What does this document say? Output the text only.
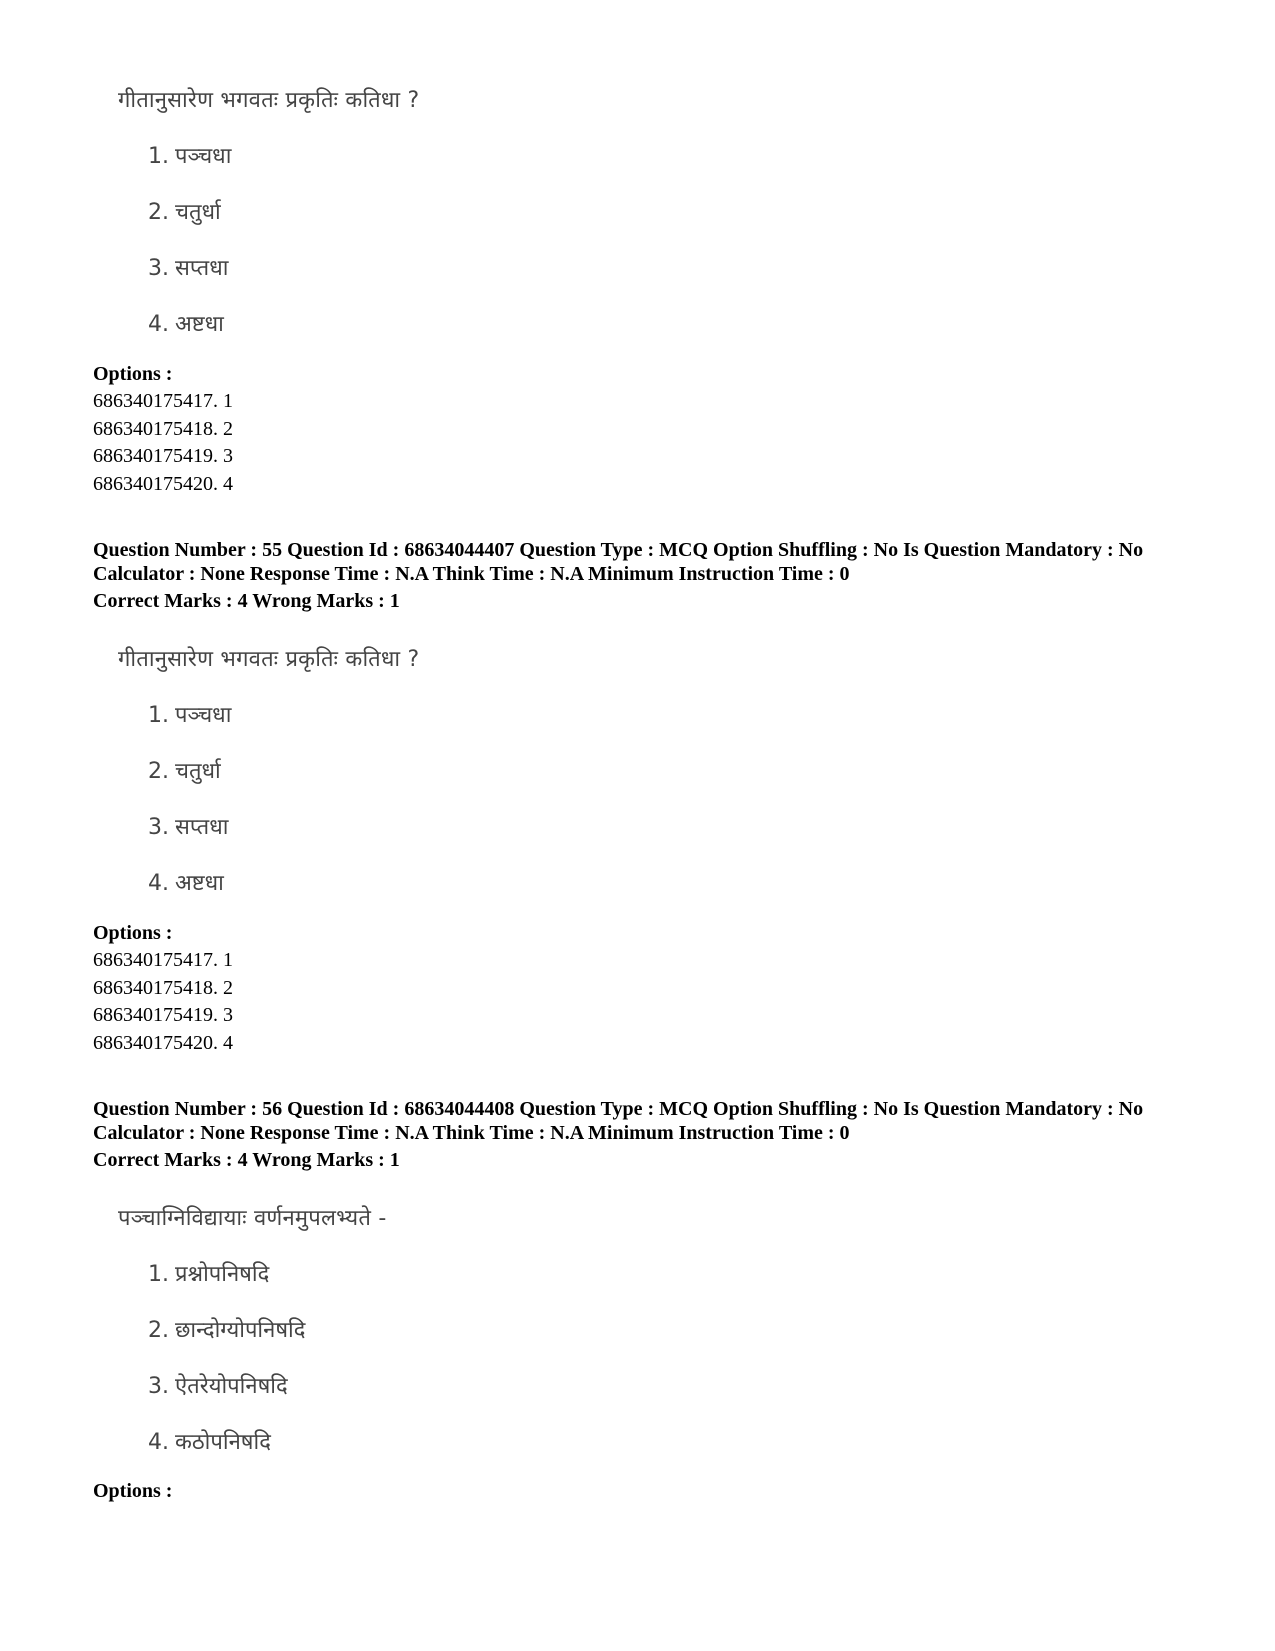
गीतानुसारेण भगवतः प्रकृतिः कतिधा ?
1. पञ्चधा
2. चतुर्धा
3. सप्तधा
4. अष्टधा
Options :
686340175417. 1
686340175418. 2
686340175419. 3
686340175420. 4
Question Number : 55 Question Id : 68634044407 Question Type : MCQ Option Shuffling : No Is Question Mandatory : No Calculator : None Response Time : N.A Think Time : N.A Minimum Instruction Time : 0
Correct Marks : 4 Wrong Marks : 1
गीतानुसारेण भगवतः प्रकृतिः कतिधा ?
1. पञ्चधा
2. चतुर्धा
3. सप्तधा
4. अष्टधा
Options :
686340175417. 1
686340175418. 2
686340175419. 3
686340175420. 4
Question Number : 56 Question Id : 68634044408 Question Type : MCQ Option Shuffling : No Is Question Mandatory : No Calculator : None Response Time : N.A Think Time : N.A Minimum Instruction Time : 0
Correct Marks : 4 Wrong Marks : 1
पञ्चाग्निविद्यायाः वर्णनमुपलभ्यते -
1. प्रश्नोपनिषदि
2. छान्दोग्योपनिषदि
3. ऐतरेयोपनिषदि
4. कठोपनिषदि
Options :
